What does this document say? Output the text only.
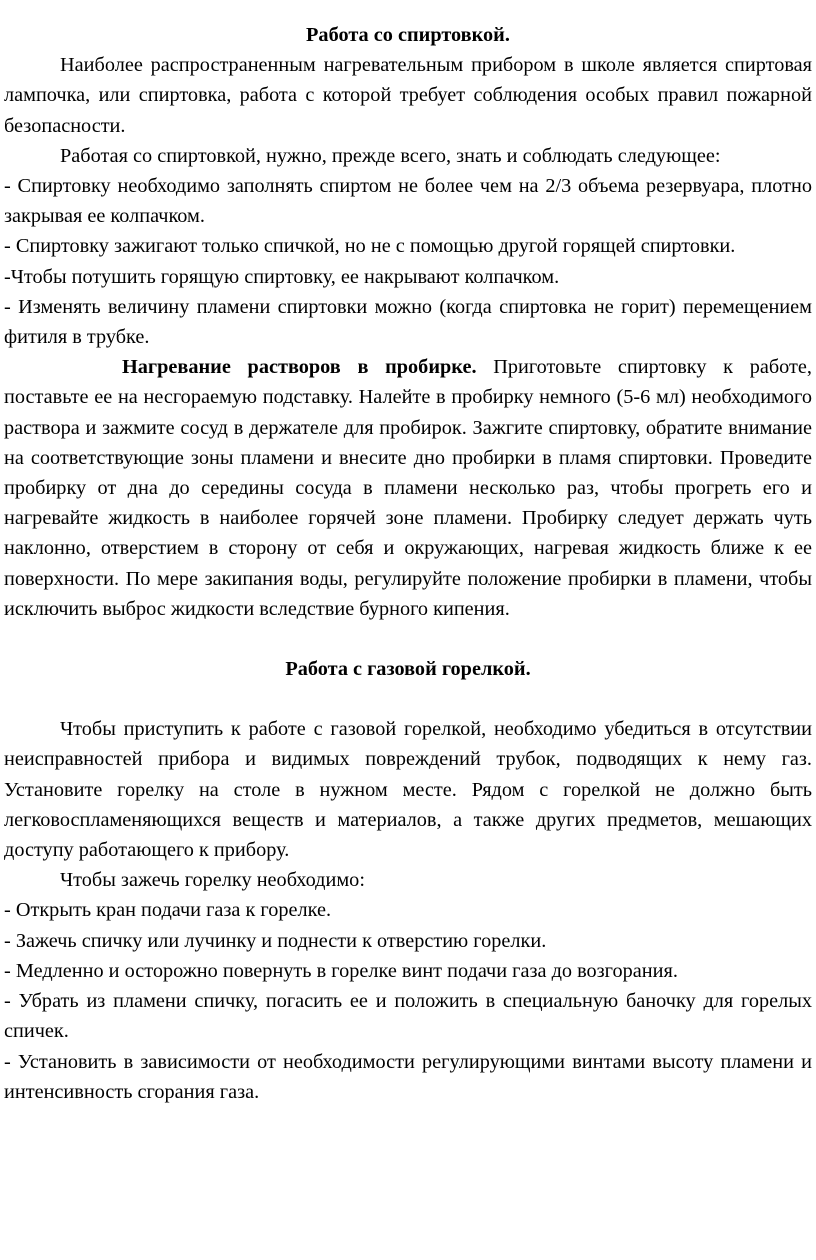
Работа со спиртовкой.

Наиболее распространенным нагревательным прибором в школе является спиртовая лампочка, или спиртовка, работа с которой требует соблюдения особых правил пожарной безопасности.

Работая со спиртовкой, нужно, прежде всего, знать и соблюдать следующее:

- Спиртовку необходимо заполнять спиртом не более чем на 2/3 объема резервуара, плотно закрывая ее колпачком.

- Спиртовку зажигают только спичкой, но не с помощью другой горящей спиртовки.

-Чтобы потушить горящую спиртовку, ее накрывают колпачком.

- Изменять величину пламени спиртовки можно (когда спиртовка не горит) перемещением фитиля в трубке.

Нагревание растворов в пробирке. Приготовьте спиртовку к работе, поставьте ее на несгораемую подставку. Налейте в пробирку немного (5-6 мл) необходимого раствора и зажмите сосуд в держателе для пробирок. Зажгите спиртовку, обратите внимание на соответствующие зоны пламени и внесите дно пробирки в пламя спиртовки. Проведите пробирку от дна до середины сосуда в пламени несколько раз, чтобы прогреть его и нагревайте жидкость в наиболее горячей зоне пламени. Пробирку следует держать чуть наклонно, отверстием в сторону от себя и окружающих, нагревая жидкость ближе к ее поверхности. По мере закипания воды, регулируйте положение пробирки в пламени, чтобы исключить выброс жидкости вследствие бурного кипения.

Работа с газовой горелкой.

Чтобы приступить к работе с газовой горелкой, необходимо убедиться в отсутствии неисправностей прибора и видимых повреждений трубок, подводящих к нему газ. Установите горелку на столе в нужном месте. Рядом с горелкой не должно быть легковоспламеняющихся веществ и материалов, а также других предметов, мешающих доступу работающего к прибору.

Чтобы зажечь горелку необходимо:

- Открыть кран подачи газа к горелке.

- Зажечь спичку или лучинку и поднести к отверстию горелки.

- Медленно и осторожно повернуть в горелке винт подачи газа до возгорания.

- Убрать из пламени спичку, погасить ее и положить в специальную баночку для горелых спичек.

- Установить в зависимости от необходимости регулирующими винтами высоту пламени и интенсивность сгорания газа.
